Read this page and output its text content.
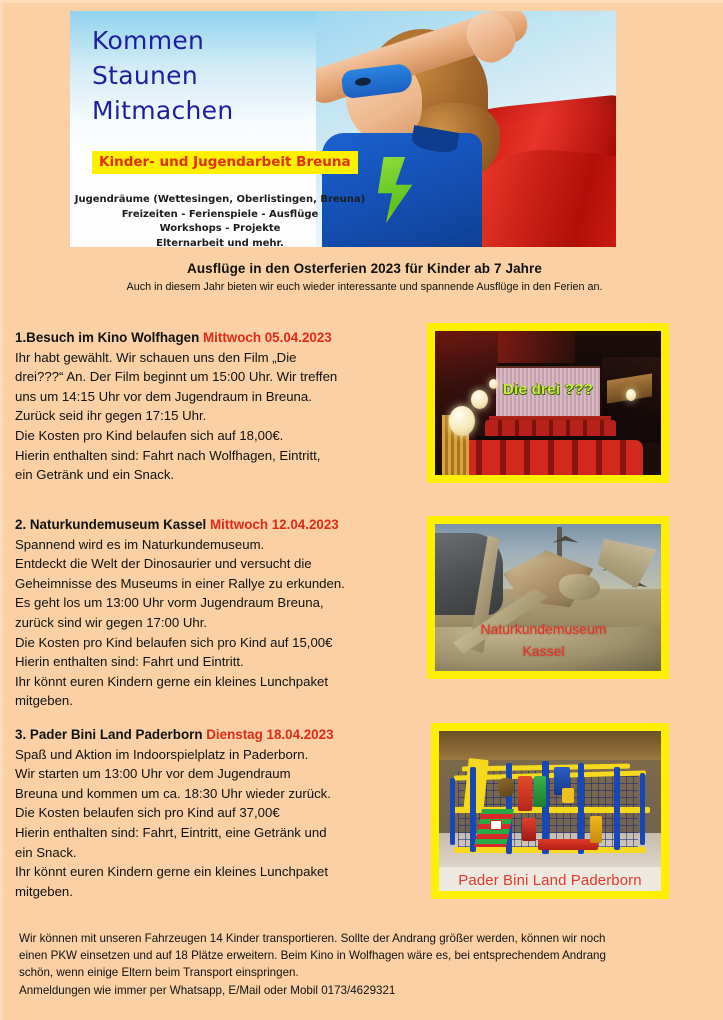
Kommen
Staunen
Mitmachen
Kinder- und Jugendarbeit Breuna
Jugendräume (Wettesingen, Oberlistingen, Breuna)
Freizeiten - Ferienspiele - Ausflüge
Workshops - Projekte
Elternarbeit und mehr.
Ausflüge in den Osterferien 2023 für Kinder ab 7 Jahre
Auch in diesem Jahr bieten wir euch wieder interessante und spannende Ausflüge in den Ferien an.
1.Besuch im Kino Wolfhagen Mittwoch 05.04.2023
Ihr habt gewählt. Wir schauen uns den Film „Die
drei???“ An. Der Film beginnt um 15:00 Uhr. Wir treffen
uns um 14:15 Uhr vor dem Jugendraum in Breuna.
Zurück seid ihr gegen 17:15 Uhr.
Die Kosten pro Kind belaufen sich auf 18,00€.
Hierin enthalten sind: Fahrt nach Wolfhagen, Eintritt,
ein Getränk und ein Snack.
2. Naturkundemuseum Kassel Mittwoch 12.04.2023
Spannend wird es im Naturkundemuseum.
Entdeckt die Welt der Dinosaurier und versucht die
Geheimnisse des Museums in einer Rallye zu erkunden.
Es geht los um 13:00 Uhr vorm Jugendraum Breuna,
zurück sind wir gegen 17:00 Uhr.
Die Kosten pro Kind belaufen sich pro Kind auf 15,00€
Hierin enthalten sind: Fahrt und Eintritt.
Ihr könnt euren Kindern gerne ein kleines Lunchpaket
mitgeben.
3. Pader Bini Land Paderborn Dienstag 18.04.2023
Spaß und Aktion im Indoorspielplatz in Paderborn.
Wir starten um 13:00 Uhr vor dem Jugendraum
Breuna und kommen um ca. 18:30 Uhr wieder zurück.
Die Kosten belaufen sich pro Kind auf 37,00€
Hierin enthalten sind: Fahrt, Eintritt, eine Getränk und
ein Snack.
Ihr könnt euren Kindern gerne ein kleines Lunchpaket
mitgeben.
Die drei ???
Naturkundemuseum
Kassel
Pader Bini Land Paderborn
Wir können mit unseren Fahrzeugen 14 Kinder transportieren. Sollte der Andrang größer werden, können wir noch
einen PKW einsetzen und auf 18 Plätze erweitern. Beim Kino in Wolfhagen wäre es, bei entsprechendem Andrang
schön, wenn einige Eltern beim Transport einspringen.
Anmeldungen wie immer per Whatsapp, E/Mail oder Mobil 0173/4629321
